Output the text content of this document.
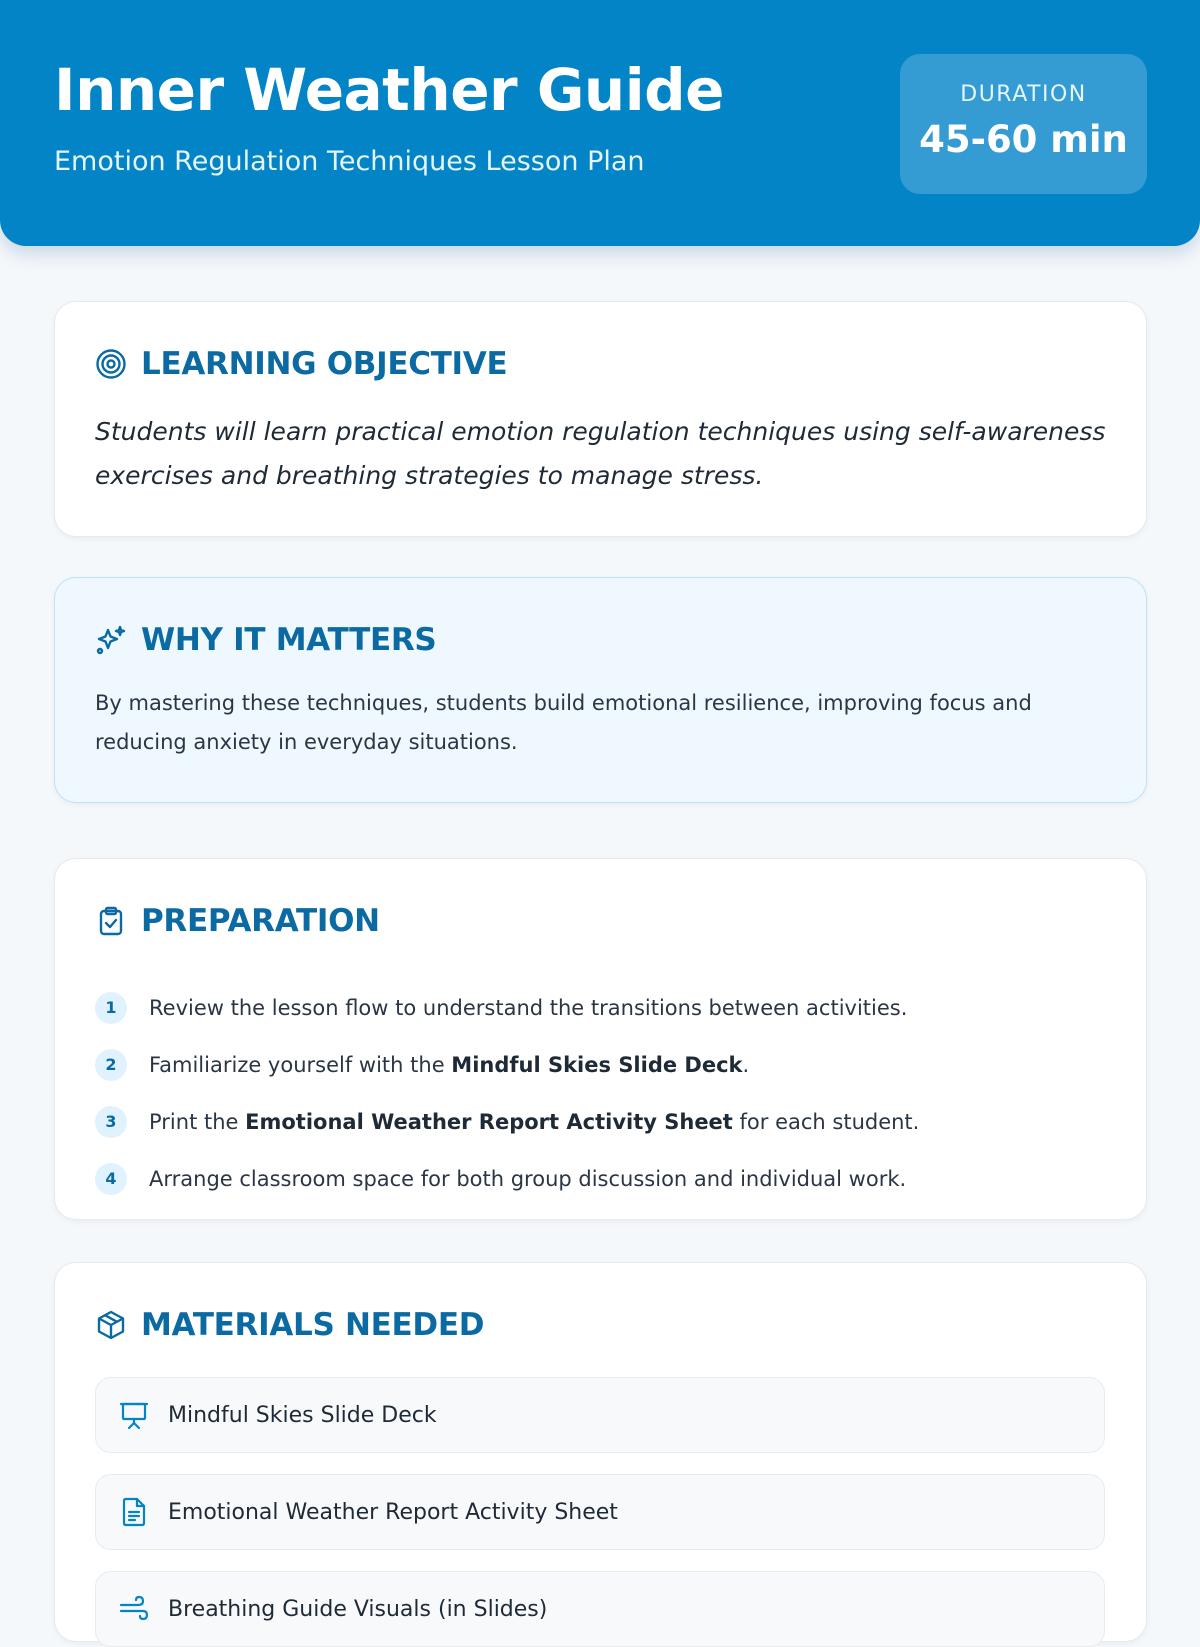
Inner Weather Guide
Emotion Regulation Techniques Lesson Plan
DURATION
45-60 min
LEARNING OBJECTIVE

Students will learn practical emotion regulation techniques using self-awareness exercises and breathing strategies to manage stress.

WHY IT MATTERS

By mastering these techniques, students build emotional resilience, improving focus and reducing anxiety in everyday situations.

PREPARATION
1	Review the lesson flow to understand the transitions between activities.
2	Familiarize yourself with the Mindful Skies Slide Deck.
3	Print the Emotional Weather Report Activity Sheet for each student.
4	Arrange classroom space for both group discussion and individual work.
MATERIALS NEEDED
Mindful Skies Slide Deck
Emotional Weather Report Activity Sheet
Breathing Guide Visuals (in Slides)
